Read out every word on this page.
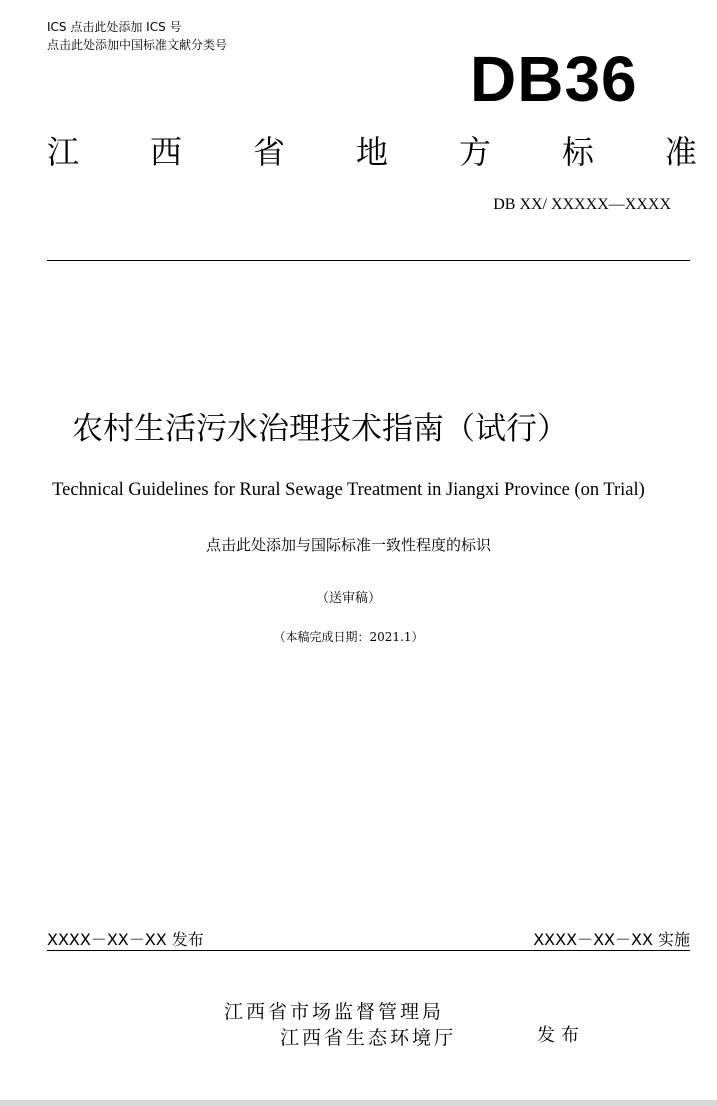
ICS 点击此处添加 ICS 号
点击此处添加中国标准文献分类号	DB36
江 西 省 地 方 标 准
DB XX/ XXXXX—XXXX
农村生活污水治理技术指南（试行）
Technical Guidelines for Rural Sewage Treatment in Jiangxi Province (on Trial)
点击此处添加与国际标准一致性程度的标识
（送审稿）
（本稿完成日期：2021.1）
XXXX－XX－XX 发布	XXXX－XX－XX 实施
江西省市场监督管理局
江西省生态环境厅	发布
